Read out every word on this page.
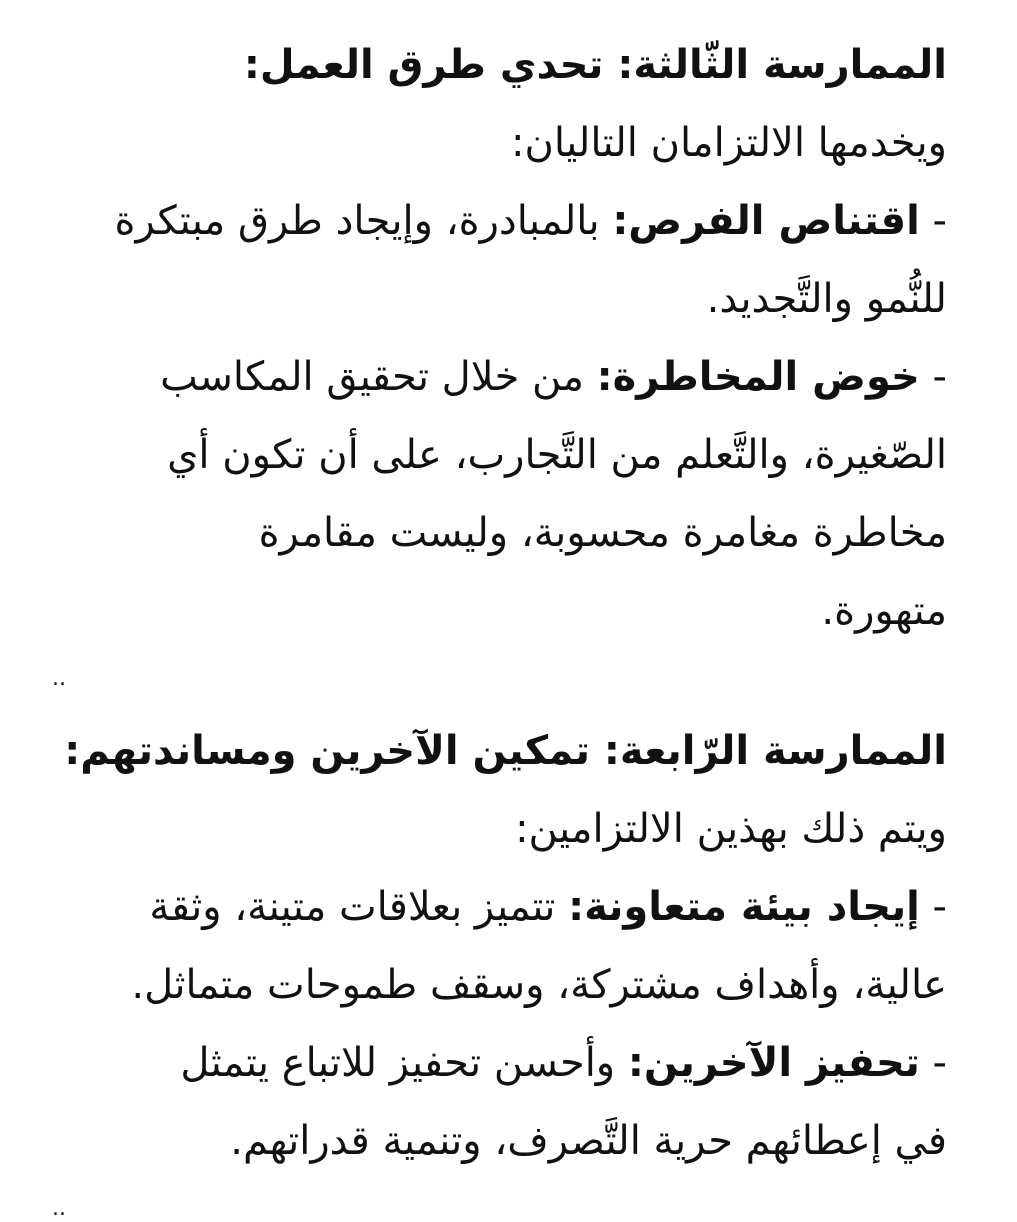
الممارسة الثّالثة: تحدي طرق العمل:
ويخدمها الالتزامان التاليان:
- اقتناص الفرص: بالمبادرة، وإيجاد طرق مبتكرة
للنُّمو والتَّجديد.
- خوض المخاطرة: من خلال تحقيق المكاسب
الصّغيرة، والتَّعلم من التَّجارب، على أن تكون أي
مخاطرة مغامرة محسوبة، وليست مقامرة
متهورة.
..
الممارسة الرّابعة: تمكين الآخرين ومساندتهم:
ويتم ذلك بهذين الالتزامين:
- إيجاد بيئة متعاونة: تتميز بعلاقات متينة، وثقة
عالية، وأهداف مشتركة، وسقف طموحات متماثل.
- تحفيز الآخرين: وأحسن تحفيز للاتباع يتمثل
في إعطائهم حرية التَّصرف، وتنمية قدراتهم.
..
